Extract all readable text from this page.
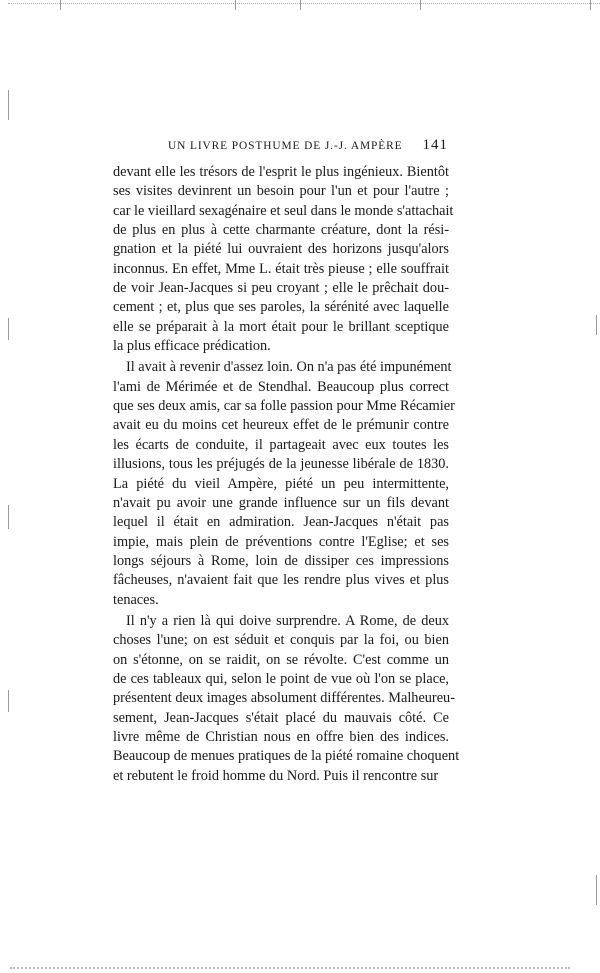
UN LIVRE POSTHUME DE J.-J. AMPÈRE 141
devant elle les trésors de l'esprit le plus ingénieux. Bientôt
ses visites devinrent un besoin pour l'un et pour l'autre ;
car le vieillard sexagénaire et seul dans le monde s'attachait
de plus en plus à cette charmante créature, dont la rési-
gnation et la piété lui ouvraient des horizons jusqu'alors
inconnus. En effet, Mme L. était très pieuse ; elle souffrait
de voir Jean-Jacques si peu croyant ; elle le prêchait dou-
cement ; et, plus que ses paroles, la sérénité avec laquelle
elle se préparait à la mort était pour le brillant sceptique
la plus efficace prédication.
Il avait à revenir d'assez loin. On n'a pas été impunément
l'ami de Mérimée et de Stendhal. Beaucoup plus correct
que ses deux amis, car sa folle passion pour Mme Récamier
avait eu du moins cet heureux effet de le prémunir contre
les écarts de conduite, il partageait avec eux toutes les
illusions, tous les préjugés de la jeunesse libérale de 1830.
La piété du vieil Ampère, piété un peu intermittente,
n'avait pu avoir une grande influence sur un fils devant
lequel il était en admiration. Jean-Jacques n'était pas
impie, mais plein de préventions contre l'Eglise; et ses
longs séjours à Rome, loin de dissiper ces impressions
fâcheuses, n'avaient fait que les rendre plus vives et plus
tenaces.
Il n'y a rien là qui doive surprendre. A Rome, de deux
choses l'une; on est séduit et conquis par la foi, ou bien
on s'étonne, on se raidit, on se révolte. C'est comme un
de ces tableaux qui, selon le point de vue où l'on se place,
présentent deux images absolument différentes. Malheureu-
sement, Jean-Jacques s'était placé du mauvais côté. Ce
livre même de Christian nous en offre bien des indices.
Beaucoup de menues pratiques de la piété romaine choquent
et rebutent le froid homme du Nord. Puis il rencontre sur
